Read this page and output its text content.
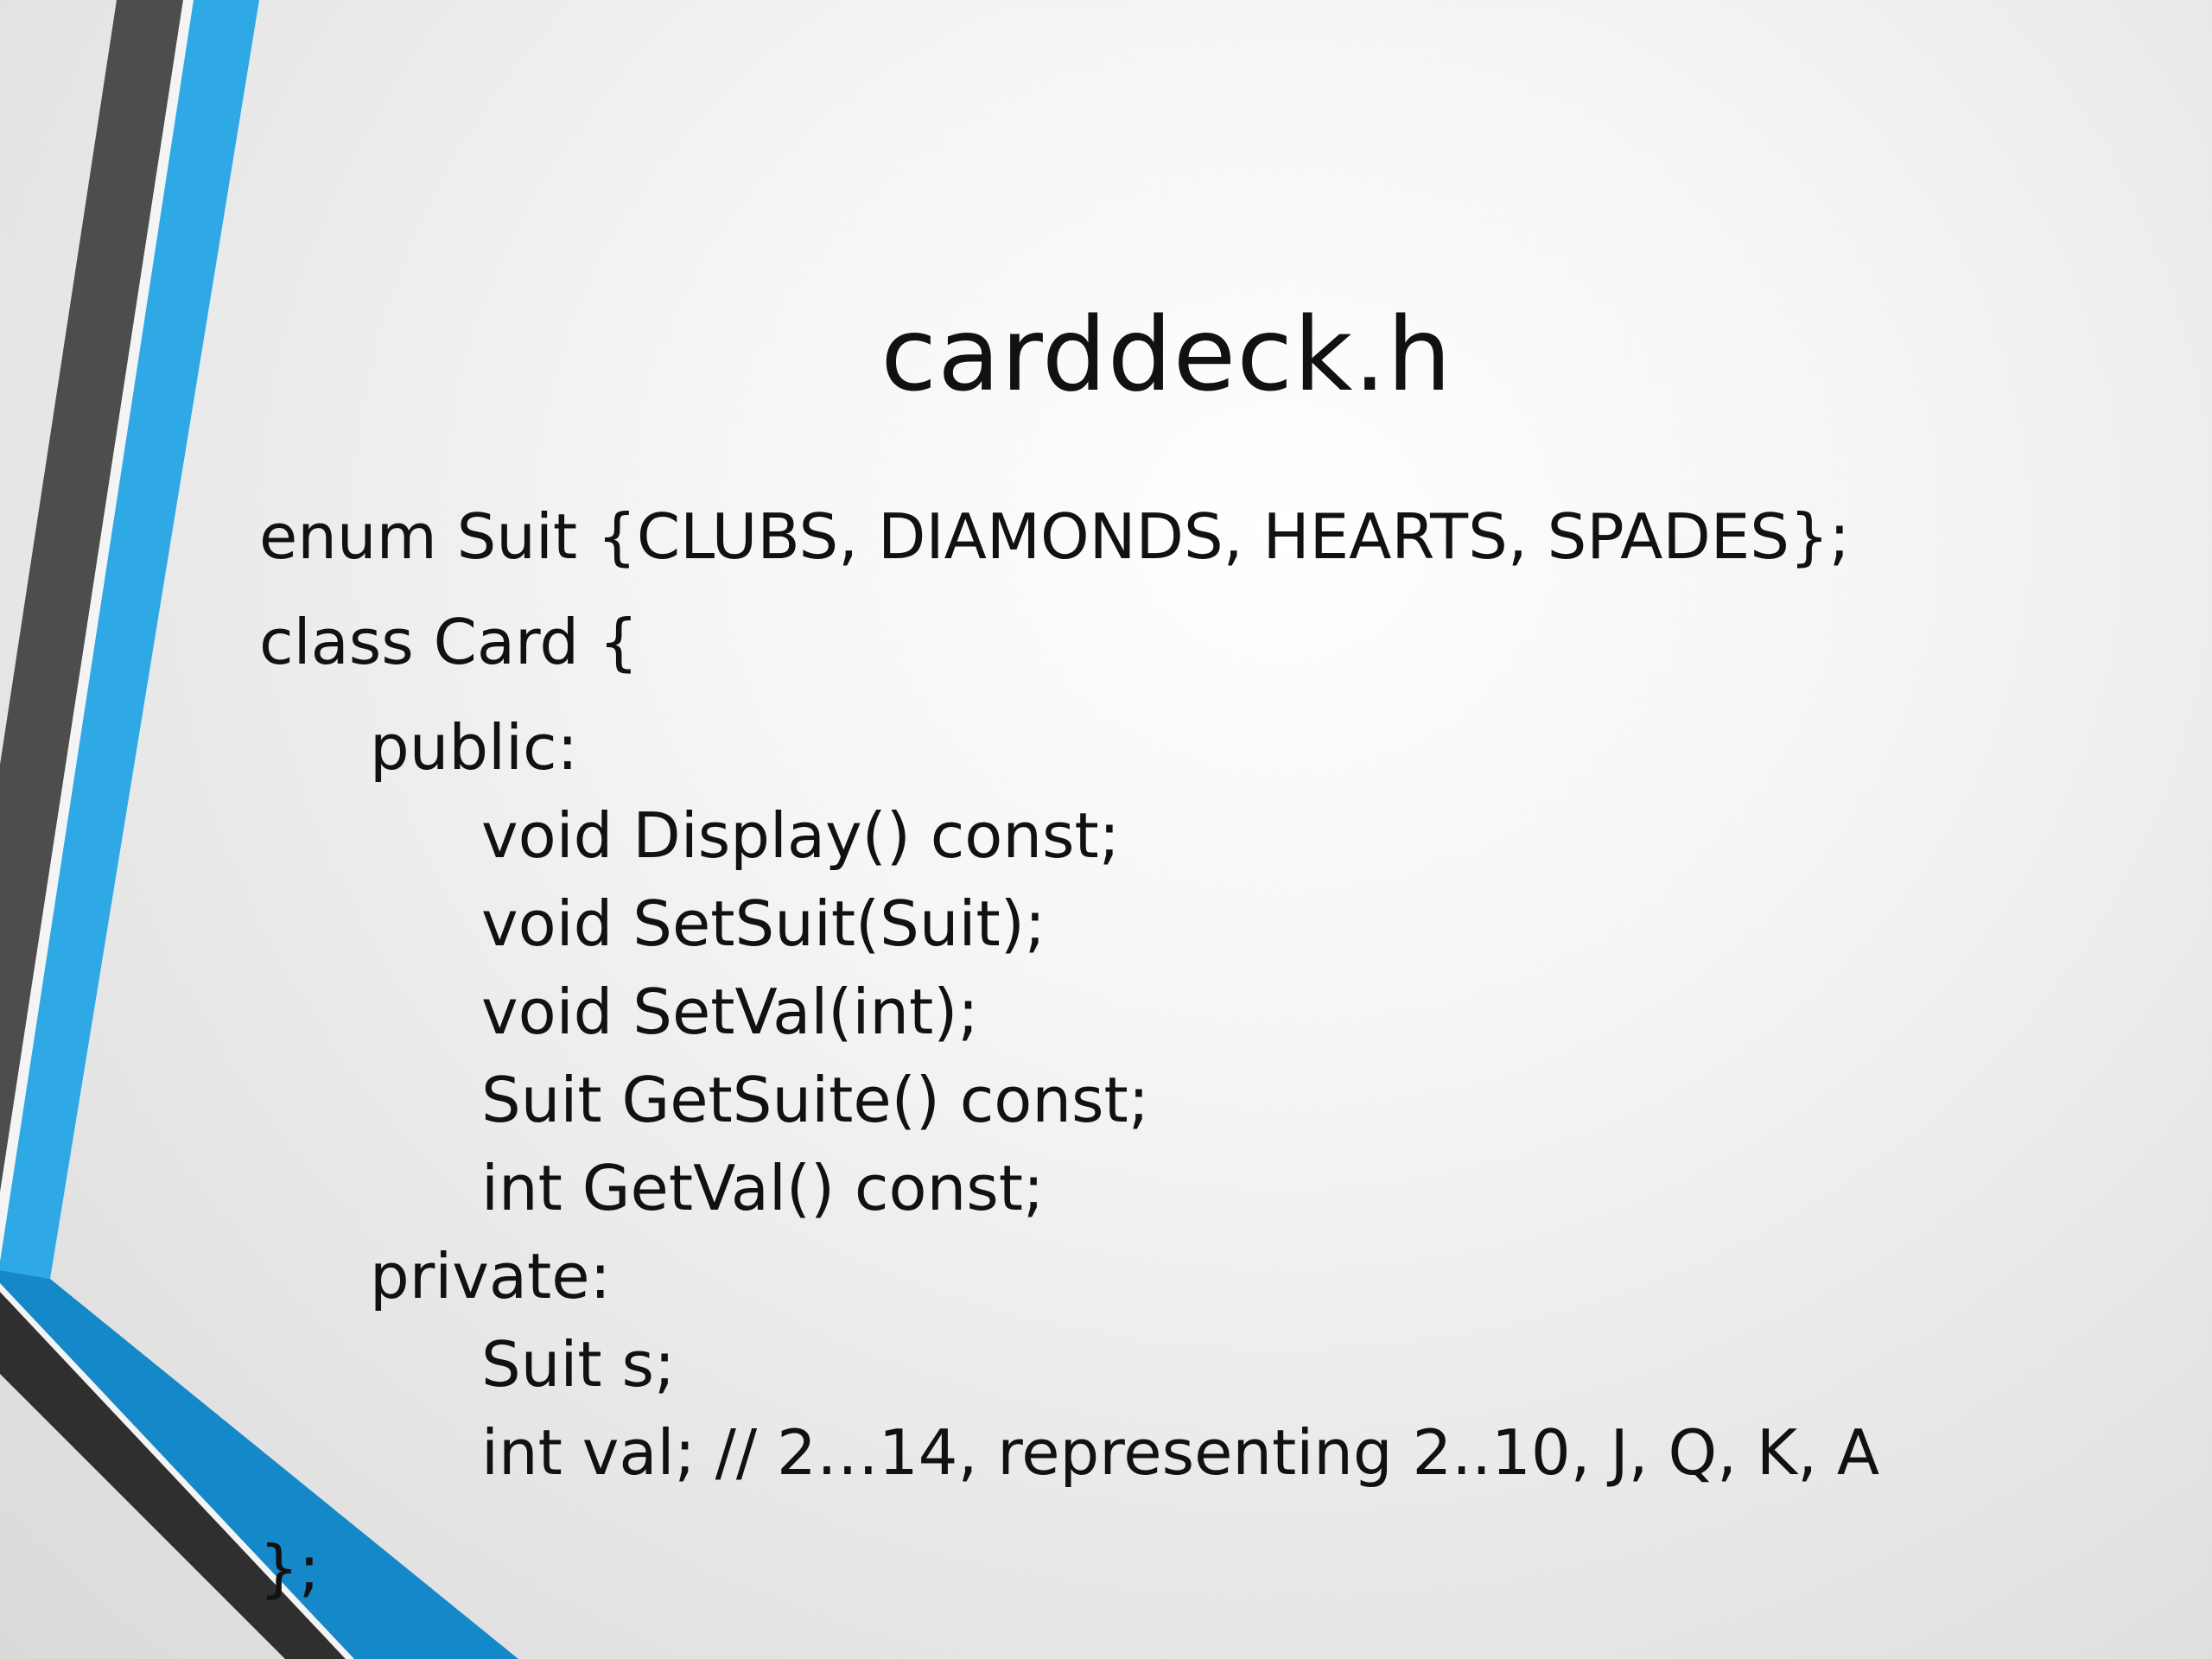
carddeck.h
enum Suit {CLUBS, DIAMONDS, HEARTS, SPADES};
class Card {
public:
void Display() const;
void SetSuit(Suit);
void SetVal(int);
Suit GetSuite() const;
int GetVal() const;
private:
Suit s;
int val; // 2…14, representing 2..10, J, Q, K, A
};
